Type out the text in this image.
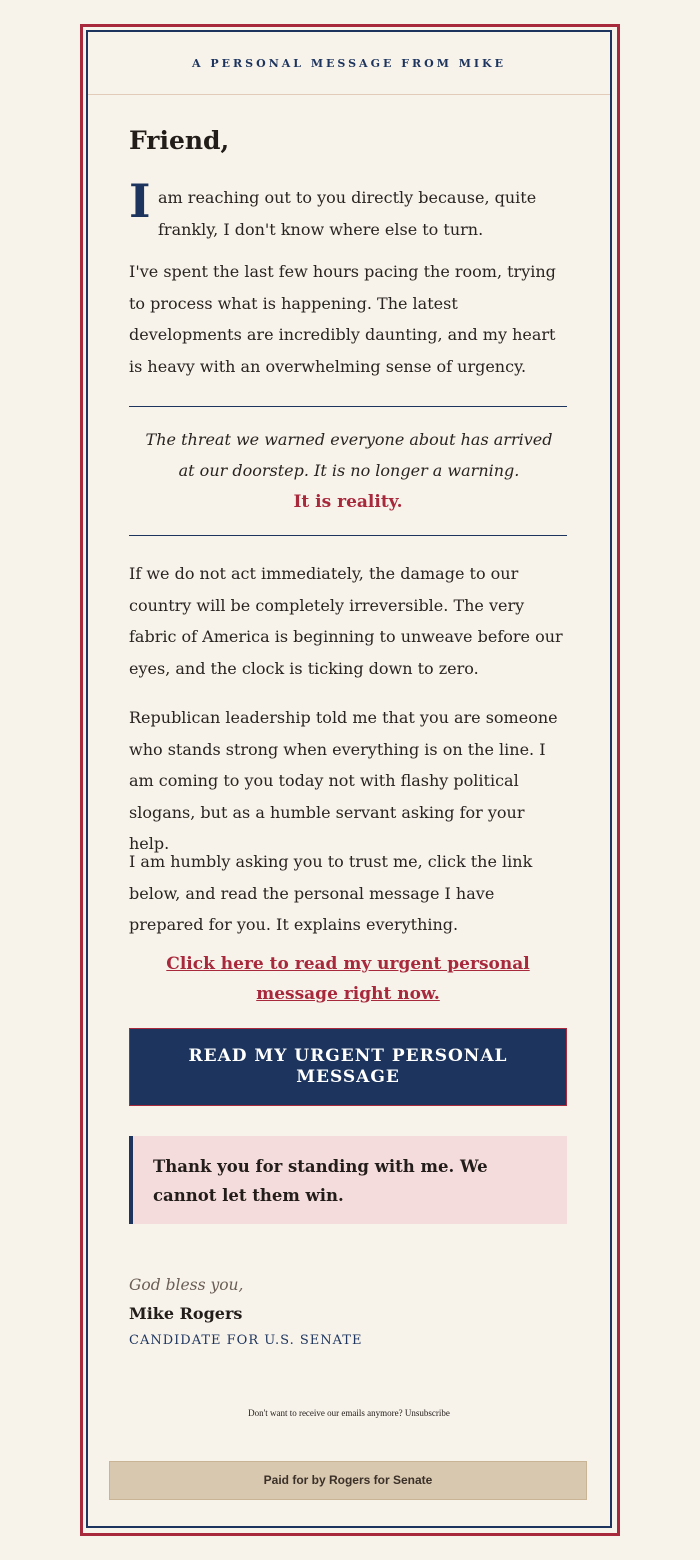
A PERSONAL MESSAGE FROM MIKE
Friend,
I am reaching out to you directly because, quite frankly, I don't know where else to turn.
I've spent the last few hours pacing the room, trying to process what is happening. The latest developments are incredibly daunting, and my heart is heavy with an overwhelming sense of urgency.
The threat we warned everyone about has arrived at our doorstep. It is no longer a warning.
It is reality.
If we do not act immediately, the damage to our country will be completely irreversible. The very fabric of America is beginning to unweave before our eyes, and the clock is ticking down to zero.
Republican leadership told me that you are someone who stands strong when everything is on the line. I am coming to you today not with flashy political slogans, but as a humble servant asking for your help.
I am humbly asking you to trust me, click the link below, and read the personal message I have prepared for you. It explains everything.
Click here to read my urgent personal message right now.
READ MY URGENT PERSONAL MESSAGE
Thank you for standing with me. We cannot let them win.
God bless you,
Mike Rogers
CANDIDATE FOR U.S. SENATE
Don't want to receive our emails anymore? Unsubscribe
Paid for by Rogers for Senate
